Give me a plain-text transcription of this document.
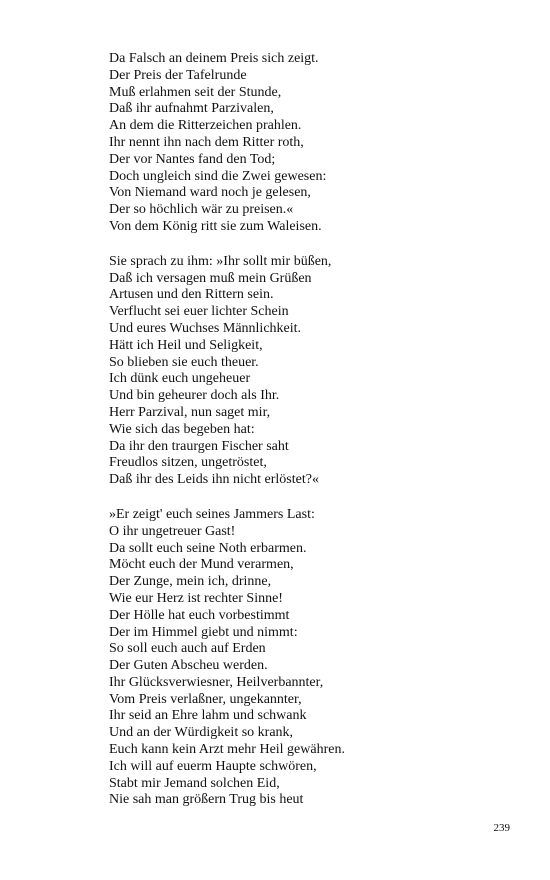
Da Falsch an deinem Preis sich zeigt.
Der Preis der Tafelrunde
Muß erlahmen seit der Stunde,
Daß ihr aufnahmt Parzivalen,
An dem die Ritterzeichen prahlen.
Ihr nennt ihn nach dem Ritter roth,
Der vor Nantes fand den Tod;
Doch ungleich sind die Zwei gewesen:
Von Niemand ward noch je gelesen,
Der so höchlich wär zu preisen.«
Von dem König ritt sie zum Waleisen.
Sie sprach zu ihm: »Ihr sollt mir büßen,
Daß ich versagen muß mein Grüßen
Artusen und den Rittern sein.
Verflucht sei euer lichter Schein
Und eures Wuchses Männlichkeit.
Hätt ich Heil und Seligkeit,
So blieben sie euch theuer.
Ich dünk euch ungeheuer
Und bin geheurer doch als Ihr.
Herr Parzival, nun saget mir,
Wie sich das begeben hat:
Da ihr den traurgen Fischer saht
Freudlos sitzen, ungetröstet,
Daß ihr des Leids ihn nicht erlöstet?«
»Er zeigt' euch seines Jammers Last:
O ihr ungetreuer Gast!
Da sollt euch seine Noth erbarmen.
Möcht euch der Mund verarmen,
Der Zunge, mein ich, drinne,
Wie eur Herz ist rechter Sinne!
Der Hölle hat euch vorbestimmt
Der im Himmel giebt und nimmt:
So soll euch auch auf Erden
Der Guten Abscheu werden.
Ihr Glücksverwiesner, Heilverbannter,
Vom Preis verlaßner, ungekannter,
Ihr seid an Ehre lahm und schwank
Und an der Würdigkeit so krank,
Euch kann kein Arzt mehr Heil gewähren.
Ich will auf euerm Haupte schwören,
Stabt mir Jemand solchen Eid,
Nie sah man größern Trug bis heut
239
